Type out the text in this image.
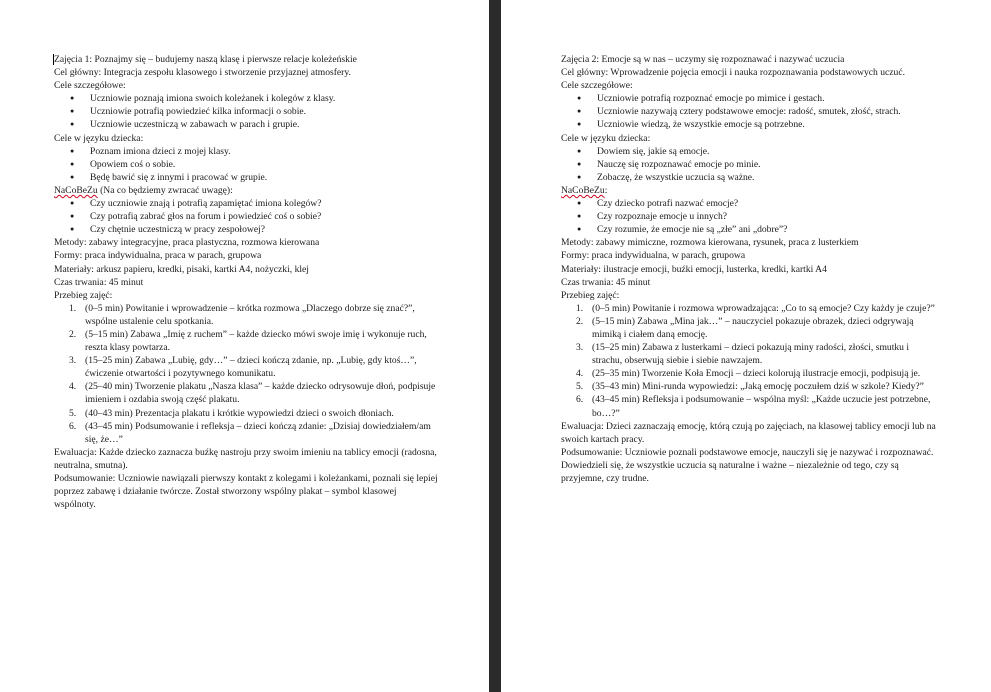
Zajęcia 1: Poznajmy się – budujemy naszą klasę i pierwsze relacje koleżeńskie
Cel główny: Integracja zespołu klasowego i stworzenie przyjaznej atmosfery.
Cele szczegółowe:
● Uczniowie poznają imiona swoich koleżanek i kolegów z klasy.
● Uczniowie potrafią powiedzieć kilka informacji o sobie.
● Uczniowie uczestniczą w zabawach w parach i grupie.
Cele w języku dziecka:
● Poznam imiona dzieci z mojej klasy.
● Opowiem coś o sobie.
● Będę bawić się z innymi i pracować w grupie.
NaCoBeZu (Na co będziemy zwracać uwagę):
● Czy uczniowie znają i potrafią zapamiętać imiona kolegów?
● Czy potrafią zabrać głos na forum i powiedzieć coś o sobie?
● Czy chętnie uczestniczą w pracy zespołowej?
Metody: zabawy integracyjne, praca plastyczna, rozmowa kierowana
Formy: praca indywidualna, praca w parach, grupowa
Materiały: arkusz papieru, kredki, pisaki, kartki A4, nożyczki, klej
Czas trwania: 45 minut
Przebieg zajęć:
1. (0–5 min) Powitanie i wprowadzenie – krótka rozmowa „Dlaczego dobrze się znać?”, wspólne ustalenie celu spotkania.
2. (5–15 min) Zabawa „Imię z ruchem” – każde dziecko mówi swoje imię i wykonuje ruch, reszta klasy powtarza.
3. (15–25 min) Zabawa „Lubię, gdy…” – dzieci kończą zdanie, np. „Lubię, gdy ktoś…”, ćwiczenie otwartości i pozytywnego komunikatu.
4. (25–40 min) Tworzenie plakatu „Nasza klasa” – każde dziecko odrysowuje dłoń, podpisuje imieniem i ozdabia swoją część plakatu.
5. (40–43 min) Prezentacja plakatu i krótkie wypowiedzi dzieci o swoich dłoniach.
6. (43–45 min) Podsumowanie i refleksja – dzieci kończą zdanie: „Dzisiaj dowiedziałem/am się, że…”
Ewaluacja: Każde dziecko zaznacza buźkę nastroju przy swoim imieniu na tablicy emocji (radosna, neutralna, smutna).
Podsumowanie: Uczniowie nawiązali pierwszy kontakt z kolegami i koleżankami, poznali się lepiej poprzez zabawę i działanie twórcze. Został stworzony wspólny plakat – symbol klasowej wspólnoty.
Zajęcia 2: Emocje są w nas – uczymy się rozpoznawać i nazywać uczucia
Cel główny: Wprowadzenie pojęcia emocji i nauka rozpoznawania podstawowych uczuć.
Cele szczegółowe:
● Uczniowie potrafią rozpoznać emocje po mimice i gestach.
● Uczniowie nazywają cztery podstawowe emocje: radość, smutek, złość, strach.
● Uczniowie wiedzą, że wszystkie emocje są potrzebne.
Cele w języku dziecka:
● Dowiem się, jakie są emocje.
● Nauczę się rozpoznawać emocje po minie.
● Zobaczę, że wszystkie uczucia są ważne.
NaCoBeZu:
● Czy dziecko potrafi nazwać emocje?
● Czy rozpoznaje emocje u innych?
● Czy rozumie, że emocje nie są „złe” ani „dobre”?
Metody: zabawy mimiczne, rozmowa kierowana, rysunek, praca z lusterkiem
Formy: praca indywidualna, w parach, grupowa
Materiały: ilustracje emocji, buźki emocji, lusterka, kredki, kartki A4
Czas trwania: 45 minut
Przebieg zajęć:
1. (0–5 min) Powitanie i rozmowa wprowadzająca: „Co to są emocje? Czy każdy je czuje?”
2. (5–15 min) Zabawa „Mina jak…” – nauczyciel pokazuje obrazek, dzieci odgrywają mimiką i ciałem daną emocję.
3. (15–25 min) Zabawa z lusterkami – dzieci pokazują miny radości, złości, smutku i strachu, obserwują siebie i siebie nawzajem.
4. (25–35 min) Tworzenie Koła Emocji – dzieci kolorują ilustracje emocji, podpisują je.
5. (35–43 min) Mini-runda wypowiedzi: „Jaką emocję poczułem dziś w szkole? Kiedy?”
6. (43–45 min) Refleksja i podsumowanie – wspólna myśl: „Każde uczucie jest potrzebne, bo…?”
Ewaluacja: Dzieci zaznaczają emocję, którą czują po zajęciach, na klasowej tablicy emocji lub na swoich kartach pracy.
Podsumowanie: Uczniowie poznali podstawowe emocje, nauczyli się je nazywać i rozpoznawać. Dowiedzieli się, że wszystkie uczucia są naturalne i ważne – niezależnie od tego, czy są przyjemne, czy trudne.
